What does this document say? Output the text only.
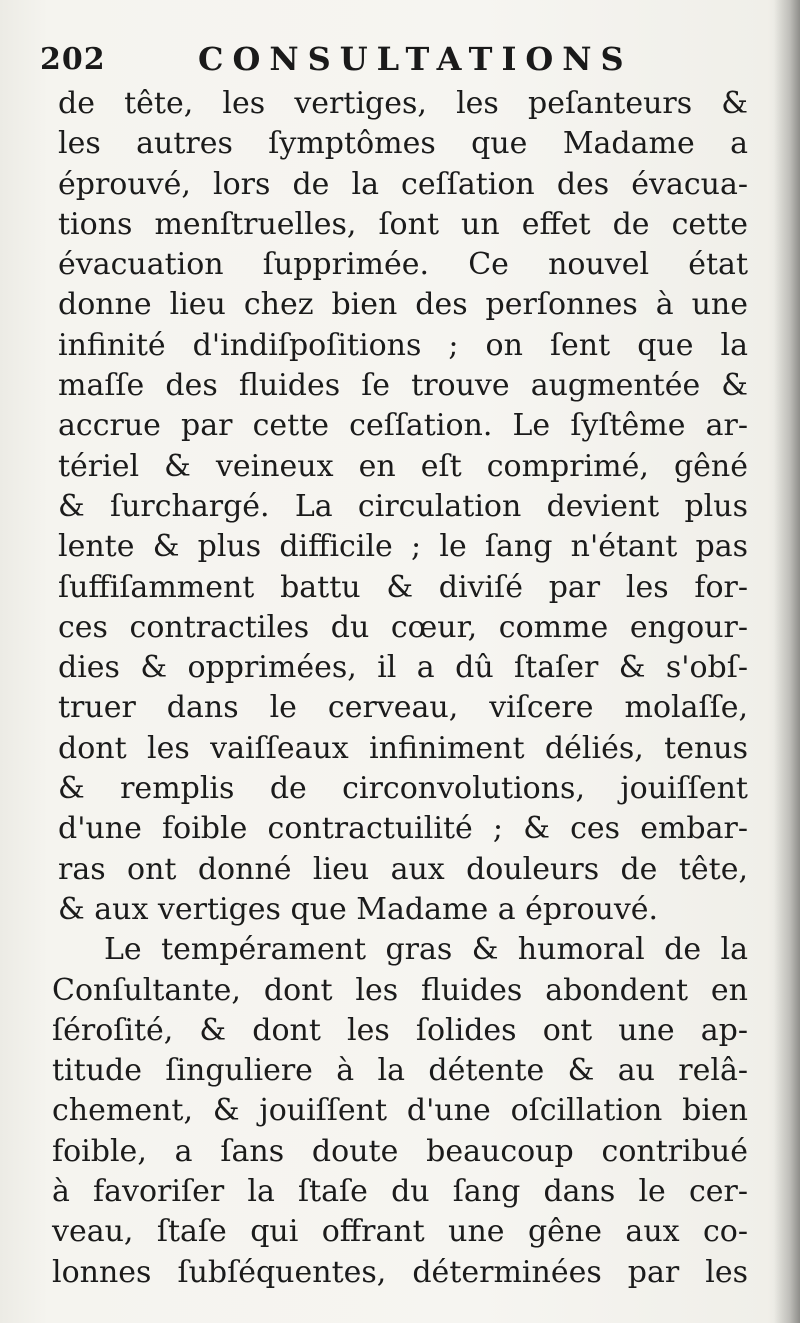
202	CONSULTATIONS
de tête, les vertiges, les peſanteurs &
les autres ſymptômes que Madame a
éprouvé, lors de la ceſſation des évacua-
tions menſtruelles, ſont un effet de cette
évacuation ſupprimée. Ce nouvel état
donne lieu chez bien des perſonnes à une
infinité d'indiſpoſitions ; on ſent que la
maſſe des fluides ſe trouve augmentée &
accrue par cette ceſſation. Le ſyſtême ar-
tériel & veineux en eſt comprimé, gêné
& ſurchargé. La circulation devient plus
lente & plus difficile ; le ſang n'étant pas
ſuffiſamment battu & diviſé par les for-
ces contractiles du cœur, comme engour-
dies & opprimées, il a dû ſtaſer & s'obſ-
truer dans le cerveau, viſcere molaſſe,
dont les vaiſſeaux infiniment déliés, tenus
& remplis de circonvolutions, jouiſſent
d'une foible contractuilité ; & ces embar-
ras ont donné lieu aux douleurs de tête,
& aux vertiges que Madame a éprouvé.
Le tempérament gras & humoral de la
Conſultante, dont les fluides abondent en
ſéroſité, & dont les ſolides ont une ap-
titude ſinguliere à la détente & au relâ-
chement, & jouiſſent d'une oſcillation bien
foible, a ſans doute beaucoup contribué
à favoriſer la ſtaſe du ſang dans le cer-
veau, ſtaſe qui offrant une gêne aux co-
lonnes ſubſéquentes, déterminées par les
